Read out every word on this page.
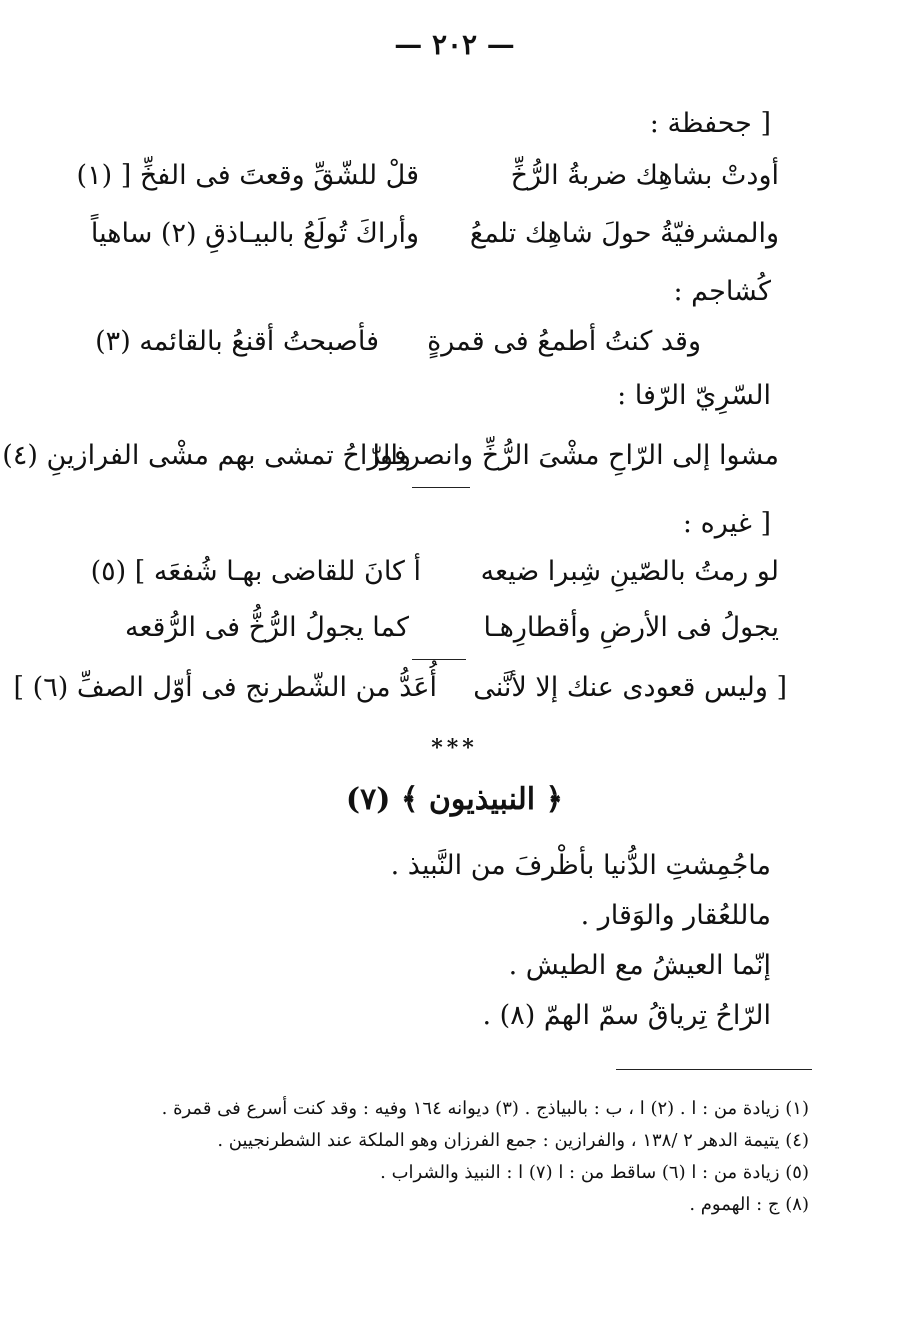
— ٢٠٢ —
[ جحفظة :
قلْ للشّقِّ وقعتَ فى الفخِّ [ (١)	أودتْ بشاهِك ضربةُ الرُّخِّ
وأراكَ تُولَعُ بالبيـاذقِ (٢) ساهياً والمشرفيّةُ حولَ شاهِك تلمعُ
كُشاجم :
وقد كنتُ أطمعُ فى قمرةٍ
فأصبحتُ أقنعُ بالقائمه (٣)
السّرِيّ الرّفا :
مشوا إلى الرّاحِ مشْىَ الرُّخِّ وانصرفوا
والرّاحُ تمشى بهم مشْى الفرازينِ (٤)
[ غيره :
لو رمتُ بالصّينِ شِبرا ضيعه
أ كانَ للقاضى بهـا شُفعَه ] (٥)
يجولُ فى الأرضِ وأقطارِهـا
كما يجولُ الرُّخُّ فى الرُّقعه
[ وليس قعودى عنك إلا لأنَّنى
أُعَدُّ من الشّطرنج فى أوّل الصفِّ (٦) ]
***
﴿ النبيذيون ﴾ (٧)
ماجُمِشتِ الدُّنيا بأظْرفَ من النَّبيذ .
ماللعُقار والوَقار .
إنّما العيشُ مع الطيش .
الرّاحُ تِرياقُ سمّ الهمّ (٨) .
(١) زيادة من : ا . (٢) ا ، ب : بالبياذج . (٣) ديوانه ١٦٤ وفيه : وقد كنت أسرع فى قمرة .
(٤) يتيمة الدهر ٢ /١٣٨ ، والفرازين : جمع الفرزان وهو الملكة عند الشطرنجيين .
(٥) زيادة من : ا (٦) ساقط من : ا (٧) ا : النبيذ والشراب .
(٨) ج : الهموم .
